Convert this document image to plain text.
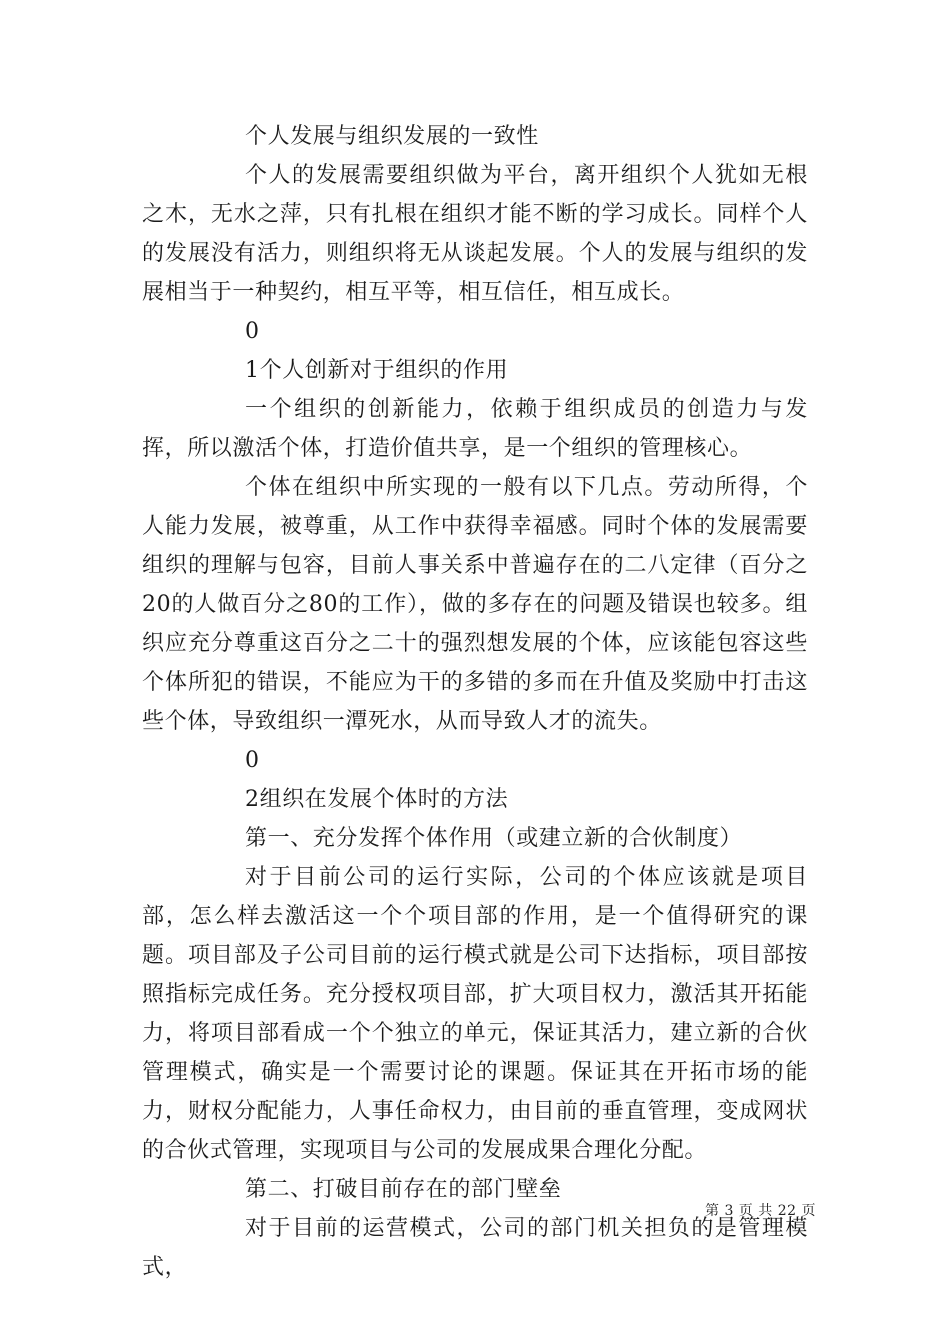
个人发展与组织发展的一致性

个人的发展需要组织做为平台，离开组织个人犹如无根之木，无水之萍，只有扎根在组织才能不断的学习成长。同样个人的发展没有活力，则组织将无从谈起发展。个人的发展与组织的发展相当于一种契约，相互平等，相互信任，相互成长。

0

1个人创新对于组织的作用

一个组织的创新能力，依赖于组织成员的创造力与发挥，所以激活个体，打造价值共享，是一个组织的管理核心。

个体在组织中所实现的一般有以下几点。劳动所得，个人能力发展，被尊重，从工作中获得幸福感。同时个体的发展需要组织的理解与包容，目前人事关系中普遍存在的二八定律（百分之20的人做百分之80的工作），做的多存在的问题及错误也较多。组织应充分尊重这百分之二十的强烈想发展的个体，应该能包容这些个体所犯的错误，不能应为干的多错的多而在升值及奖励中打击这些个体，导致组织一潭死水，从而导致人才的流失。

0

2组织在发展个体时的方法

第一、充分发挥个体作用（或建立新的合伙制度）

对于目前公司的运行实际，公司的个体应该就是项目部，怎么样去激活这一个个项目部的作用，是一个值得研究的课题。项目部及子公司目前的运行模式就是公司下达指标，项目部按照指标完成任务。充分授权项目部，扩大项目权力，激活其开拓能力，将项目部看成一个个独立的单元，保证其活力，建立新的合伙管理模式，确实是一个需要讨论的课题。保证其在开拓市场的能力，财权分配能力，人事任命权力，由目前的垂直管理，变成网状的合伙式管理，实现项目与公司的发展成果合理化分配。

第二、打破目前存在的部门壁垒

对于目前的运营模式，公司的部门机关担负的是管理模式，

第 3 页 共 22 页
